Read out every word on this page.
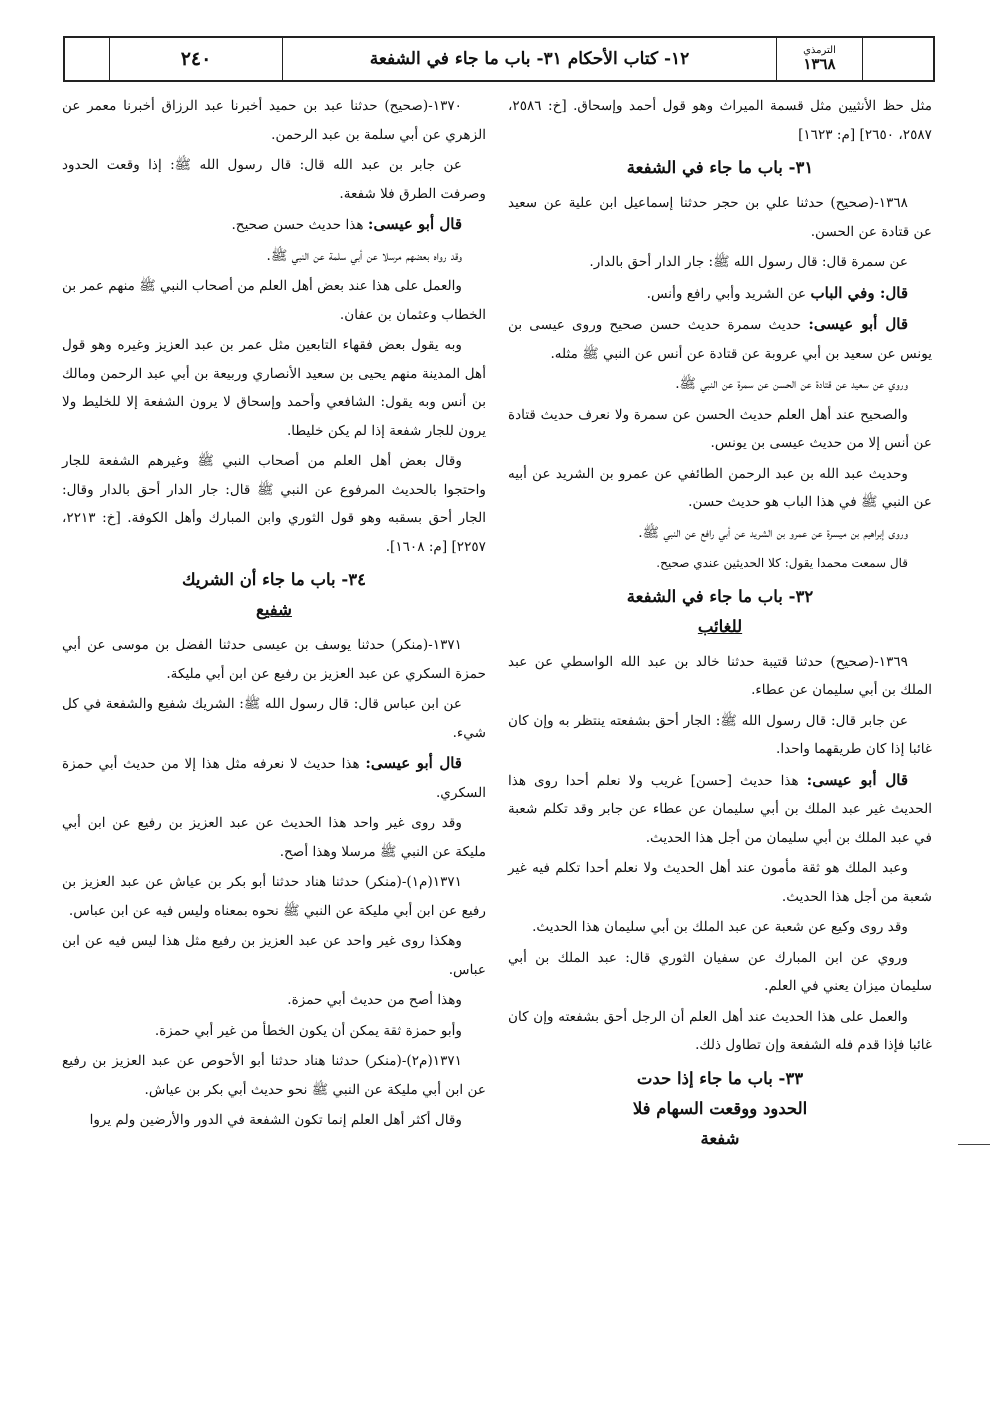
٢٤٠	١٢- كتاب الأحكام ٣١- باب ما جاء في الشفعة	الترمذي
١٣٦٨

مثل حظ الأنثيين مثل قسمة الميراث وهو قول أحمد وإسحاق. [خ: ٢٥٨٦، ٢٥٨٧، ٢٦٥٠] [م: ١٦٢٣]

٣١- باب ما جاء في الشفعة

١٣٦٨-(صحيح) حدثنا علي بن حجر حدثنا إسماعيل ابن علية عن سعيد عن قتادة عن الحسن.

عن سمرة قال: قال رسول الله ﷺ: جار الدار أحق بالدار.

قال: وفي الباب عن الشريد وأبي رافع وأنس.

قال أبو عيسى: حديث سمرة حديث حسن صحيح وروى عيسى بن يونس عن سعيد بن أبي عروبة عن قتادة عن أنس عن النبي ﷺ مثله.

وروي عن سعيد عن قتادة عن الحسن عن سمرة عن النبي ﷺ.

والصحيح عند أهل العلم حديث الحسن عن سمرة ولا نعرف حديث قتادة عن أنس إلا من حديث عيسى بن يونس.

وحديث عبد الله بن عبد الرحمن الطائفي عن عمرو بن الشريد عن أبيه عن النبي ﷺ في هذا الباب هو حديث حسن.

وروى إبراهيم بن ميسرة عن عمرو بن الشريد عن أبي رافع عن النبي ﷺ.

قال سمعت محمدا يقول: كلا الحديثين عندي صحيح.

٣٢- باب ما جاء في الشفعة
للغائب

١٣٦٩-(صحيح) حدثنا قتيبة حدثنا خالد بن عبد الله الواسطي عن عبد الملك بن أبي سليمان عن عطاء.

عن جابر قال: قال رسول الله ﷺ: الجار أحق بشفعته ينتظر به وإن كان غائبا إذا كان طريقهما واحدا.

قال أبو عيسى: هذا حديث [حسن] غريب ولا نعلم أحدا روى هذا الحديث غير عبد الملك بن أبي سليمان عن عطاء عن جابر وقد تكلم شعبة في عبد الملك بن أبي سليمان من أجل هذا الحديث.

وعبد الملك هو ثقة مأمون عند أهل الحديث ولا نعلم أحدا تكلم فيه غير شعبة من أجل هذا الحديث.

وقد روى وكيع عن شعبة عن عبد الملك بن أبي سليمان هذا الحديث.

وروي عن ابن المبارك عن سفيان الثوري قال: عبد الملك بن أبي سليمان ميزان يعني في العلم.

والعمل على هذا الحديث عند أهل العلم أن الرجل أحق بشفعته وإن كان غائبا فإذا قدم فله الشفعة وإن تطاول ذلك.

٣٣- باب ما جاء إذا حدت
الحدود ووقعت السهام فلا
شفعة

١٣٧٠-(صحيح) حدثنا عبد بن حميد أخبرنا عبد الرزاق أخبرنا معمر عن الزهري عن أبي سلمة بن عبد الرحمن.

عن جابر بن عبد الله قال: قال رسول الله ﷺ: إذا وقعت الحدود وصرفت الطرق فلا شفعة.

قال أبو عيسى: هذا حديث حسن صحيح.

وقد رواه بعضهم مرسلا عن أبي سلمة عن النبي ﷺ.

والعمل على هذا عند بعض أهل العلم من أصحاب النبي ﷺ منهم عمر بن الخطاب وعثمان بن عفان.

وبه يقول بعض فقهاء التابعين مثل عمر بن عبد العزيز وغيره وهو قول أهل المدينة منهم يحيى بن سعيد الأنصاري وربيعة بن أبي عبد الرحمن ومالك بن أنس وبه يقول: الشافعي وأحمد وإسحاق لا يرون الشفعة إلا للخليط ولا يرون للجار شفعة إذا لم يكن خليطا.

وقال بعض أهل العلم من أصحاب النبي ﷺ وغيرهم الشفعة للجار واحتجوا بالحديث المرفوع عن النبي ﷺ قال: جار الدار أحق بالدار وقال: الجار أحق بسقبه وهو قول الثوري وابن المبارك وأهل الكوفة. [خ: ٢٢١٣، ٢٢٥٧] [م: ١٦٠٨].

٣٤- باب ما جاء أن الشريك
شفيع

١٣٧١-(منكر) حدثنا يوسف بن عيسى حدثنا الفضل بن موسى عن أبي حمزة السكري عن عبد العزيز بن رفيع عن ابن أبي مليكة.

عن ابن عباس قال: قال رسول الله ﷺ: الشريك شفيع والشفعة في كل شيء.

قال أبو عيسى: هذا حديث لا نعرفه مثل هذا إلا من حديث أبي حمزة السكري.

وقد روى غير واحد هذا الحديث عن عبد العزيز بن رفيع عن ابن أبي مليكة عن النبي ﷺ مرسلا وهذا أصح.

١٣٧١(م١)-(منكر) حدثنا هناد حدثنا أبو بكر بن عياش عن عبد العزيز بن رفيع عن ابن أبي مليكة عن النبي ﷺ نحوه بمعناه وليس فيه عن ابن عباس.

وهكذا روى غير واحد عن عبد العزيز بن رفيع مثل هذا ليس فيه عن ابن عباس.

وهذا أصح من حديث أبي حمزة.

وأبو حمزة ثقة يمكن أن يكون الخطأ من غير أبي حمزة.

١٣٧١(م٢)-(منكر) حدثنا هناد حدثنا أبو الأحوص عن عبد العزيز بن رفيع عن ابن أبي مليكة عن النبي ﷺ نحو حديث أبي بكر بن عياش.

وقال أكثر أهل العلم إنما تكون الشفعة في الدور والأرضين ولم يروا
